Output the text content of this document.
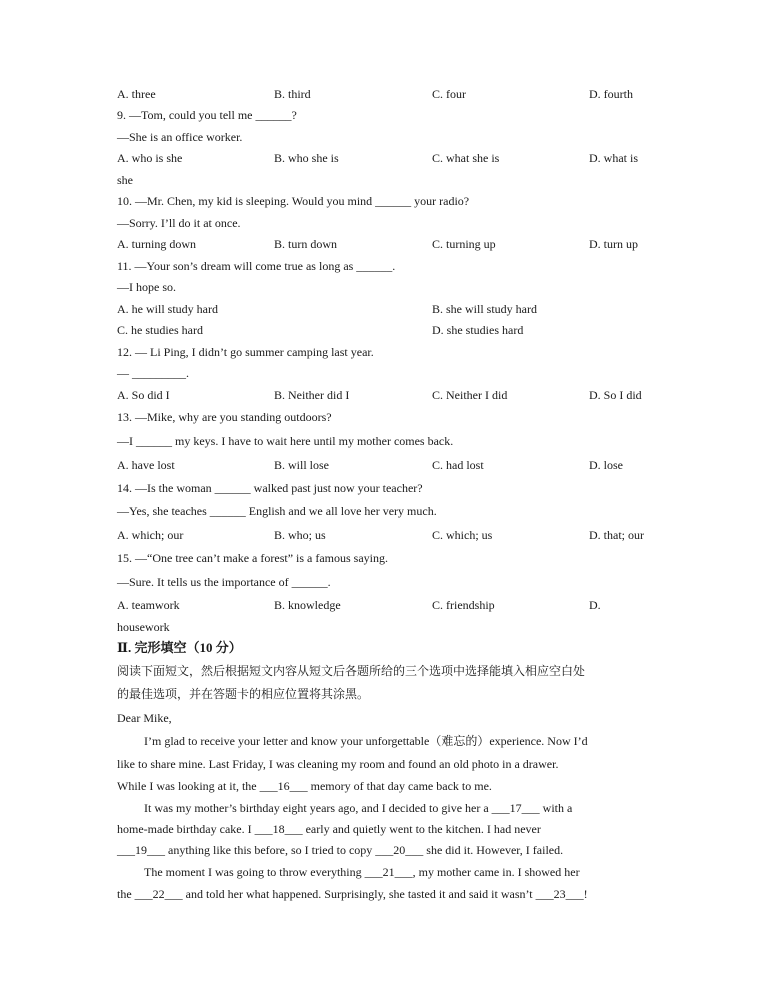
A. three	B. third	C. four	D. fourth
9. —Tom, could you tell me ______?
—She is an office worker.
A. who is she	B. who she is	C. what she is	D. what is
she
10. —Mr. Chen, my kid is sleeping. Would you mind ______ your radio?
—Sorry. I’ll do it at once.
A. turning down	B. turn down	C. turning up	D. turn up
11. —Your son’s dream will come true as long as ______.
—I hope so.
A. he will study hard	B. she will study hard
C. he studies hard	D. she studies hard
12. — Li Ping, I didn’t go summer camping last year.
— _________.
A. So did I	B. Neither did I	C. Neither I did	D. So I did
13. —Mike, why are you standing outdoors?
—I ______ my keys. I have to wait here until my mother comes back.
A. have lost	B. will lose	C. had lost	D. lose
14. —Is the woman ______ walked past just now your teacher?
—Yes, she teaches ______ English and we all love her very much.
A. which; our	B. who; us	C. which; us	D. that; our
15. —“One tree can’t make a forest” is a famous saying.
—Sure. It tells us the importance of ______.
A. teamwork	B. knowledge	C. friendship	D.
housework
Ⅱ. 完形填空（10 分）
阅读下面短文，然后根据短文内容从短文后各题所给的三个选项中选择能填入相应空白处
的最佳选项，并在答题卡的相应位置将其涂黑。
Dear Mike,
I’m glad to receive your letter and know your unforgettable（难忘的）experience. Now I’d
like to share mine. Last Friday, I was cleaning my room and found an old photo in a drawer.
While I was looking at it, the ___16___ memory of that day came back to me.
It was my mother’s birthday eight years ago, and I decided to give her a ___17___ with a
home-made birthday cake. I ___18___ early and quietly went to the kitchen. I had never
___19___ anything like this before, so I tried to copy ___20___ she did it. However, I failed.
The moment I was going to throw everything ___21___, my mother came in. I showed her
the ___22___ and told her what happened. Surprisingly, she tasted it and said it wasn’t ___23___!
